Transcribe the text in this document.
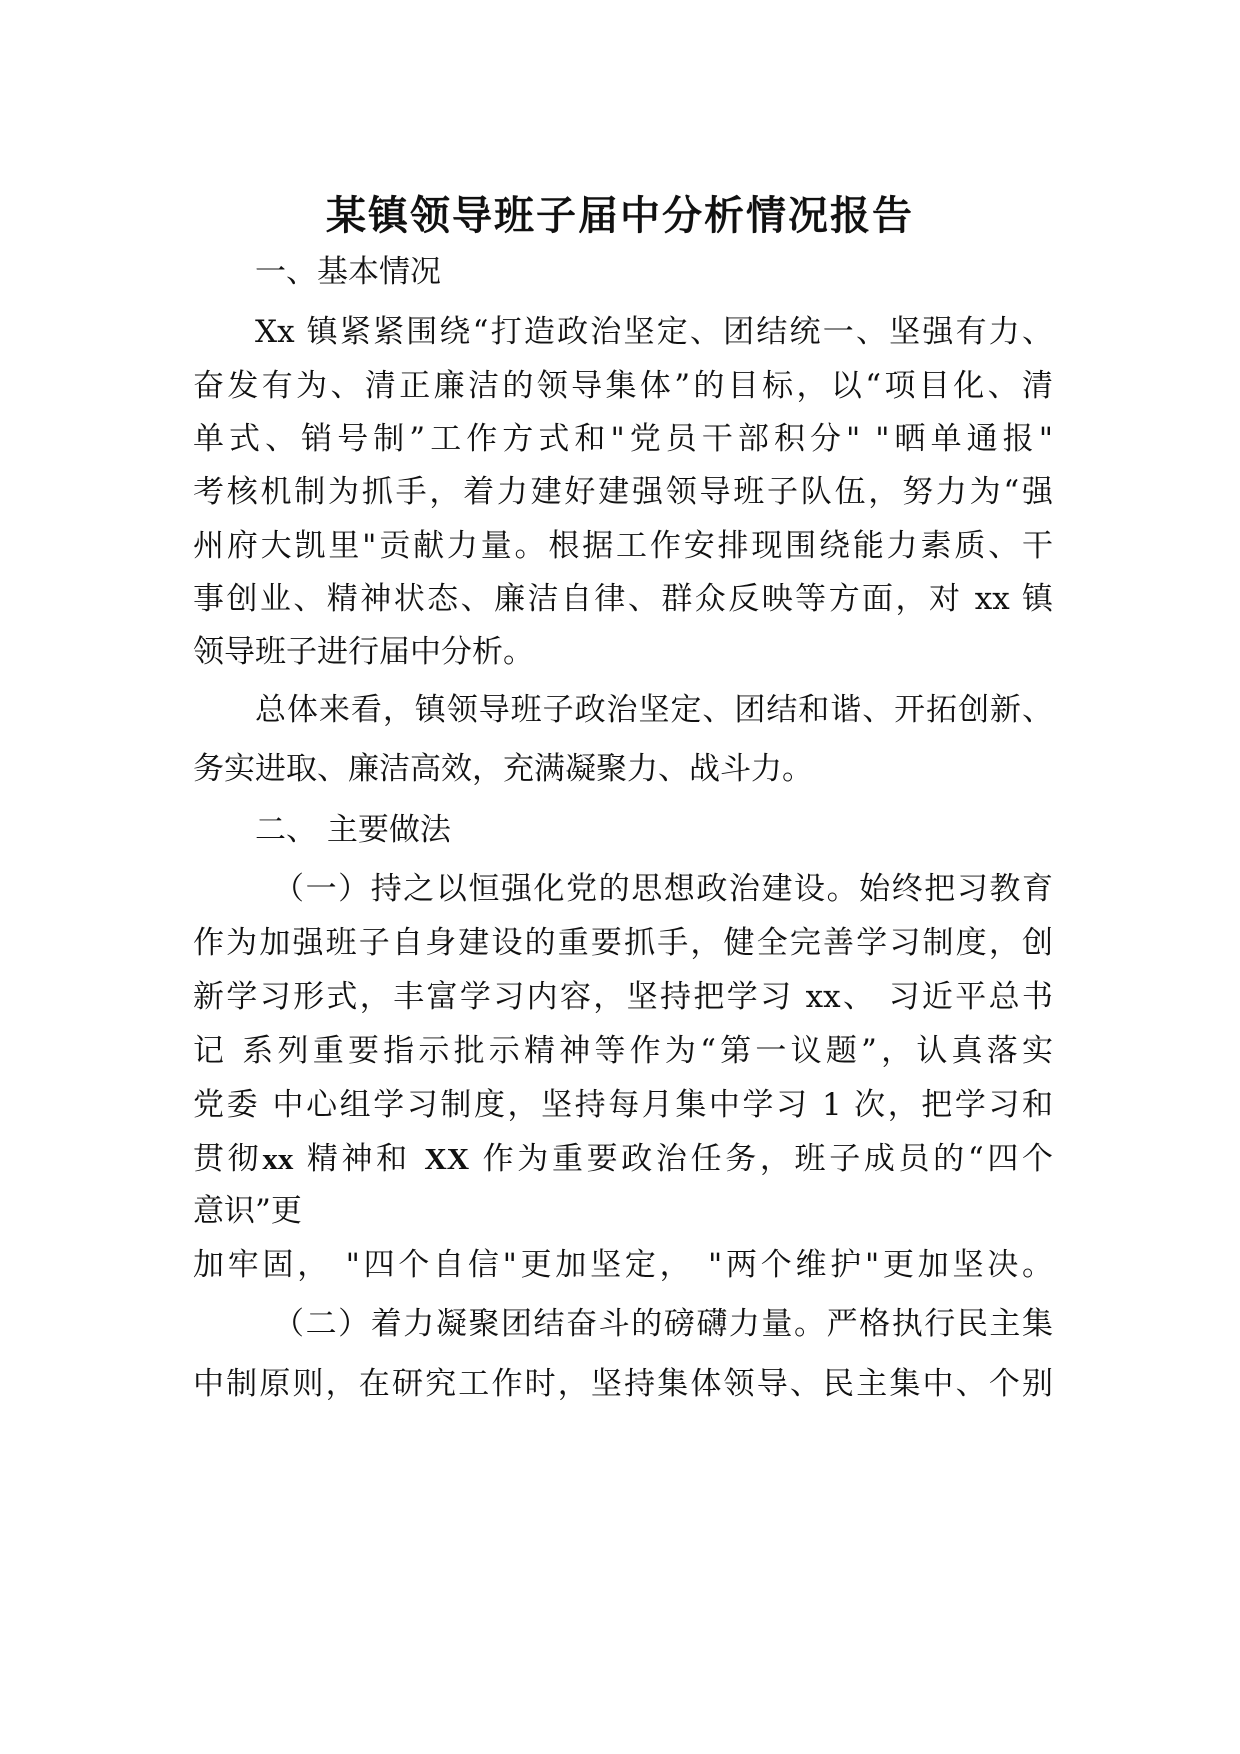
某镇领导班子届中分析情况报告
一、基本情况
Xx 镇紧紧围绕“打造政治坚定、团结统一、坚强有力、
奋发有为、清正廉洁的领导集体”的目标，以“项目化、清
单式、销号制”工作方式和"党员干部积分" "晒单通报"
考核机制为抓手，着力建好建强领导班子队伍，努力为“强
州府大凯里"贡献力量。根据工作安排现围绕能力素质、干
事创业、精神状态、廉洁自律、群众反映等方面，对 xx 镇
领导班子进行届中分析。
总体来看，镇领导班子政治坚定、团结和谐、开拓创新、
务实进取、廉洁高效，充满凝聚力、战斗力。
二、 主要做法
（一）持之以恒强化党的思想政治建设。始终把习教育
作为加强班子自身建设的重要抓手，健全完善学习制度，创
新学习形式，丰富学习内容，坚持把学习 xx、 习近平总书
记 系列重要指示批示精神等作为“第一议题”，认真落实
党委 中心组学习制度，坚持每月集中学习 1 次，把学习和
贯彻xx 精神和 XX 作为重要政治任务，班子成员的“四个
意识”更
加牢固， "四个自信"更加坚定， "两个维护"更加坚决。
（二）着力凝聚团结奋斗的磅礴力量。严格执行民主集
中制原则，在研究工作时，坚持集体领导、民主集中、个别
